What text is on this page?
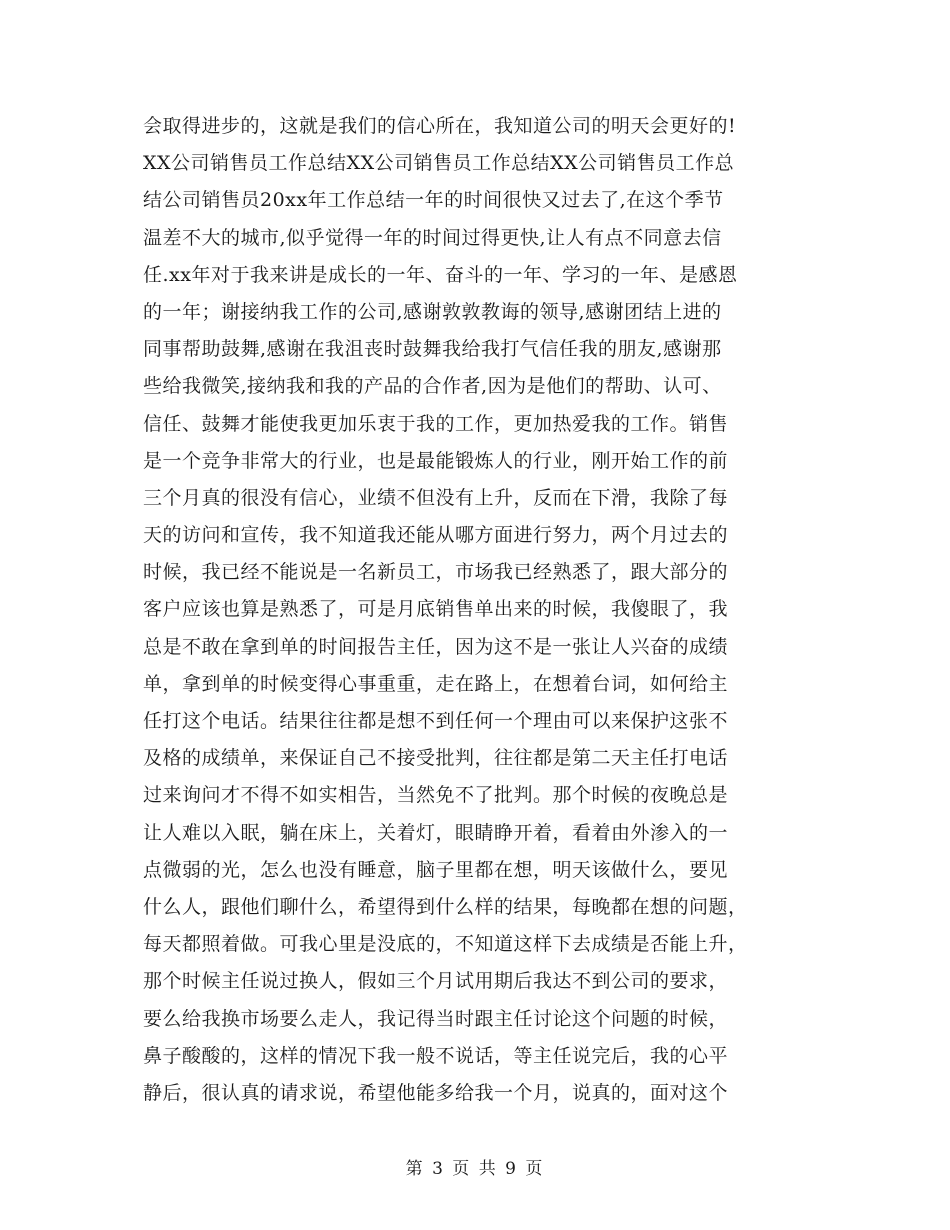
会取得进步的，这就是我们的信心所在，我知道公司的明天会更好的!
XX公司销售员工作总结XX公司销售员工作总结XX公司销售员工作总
结公司销售员20xx年工作总结一年的时间很快又过去了,在这个季节
温差不大的城市,似乎觉得一年的时间过得更快,让人有点不同意去信
任.xx年对于我来讲是成长的一年、奋斗的一年、学习的一年、是感恩
的一年；谢接纳我工作的公司,感谢敦敦教诲的领导,感谢团结上进的
同事帮助鼓舞,感谢在我沮丧时鼓舞我给我打气信任我的朋友,感谢那
些给我微笑,接纳我和我的产品的合作者,因为是他们的帮助、认可、
信任、鼓舞才能使我更加乐衷于我的工作，更加热爱我的工作。销售
是一个竞争非常大的行业，也是最能锻炼人的行业，刚开始工作的前
三个月真的很没有信心，业绩不但没有上升，反而在下滑，我除了每
天的访问和宣传，我不知道我还能从哪方面进行努力，两个月过去的
时候，我已经不能说是一名新员工，市场我已经熟悉了，跟大部分的
客户应该也算是熟悉了，可是月底销售单出来的时候，我傻眼了，我
总是不敢在拿到单的时间报告主任，因为这不是一张让人兴奋的成绩
单，拿到单的时候变得心事重重，走在路上，在想着台词，如何给主
任打这个电话。结果往往都是想不到任何一个理由可以来保护这张不
及格的成绩单，来保证自己不接受批判，往往都是第二天主任打电话
过来询问才不得不如实相告，当然免不了批判。那个时候的夜晚总是
让人难以入眠，躺在床上，关着灯，眼睛睁开着，看着由外渗入的一
点微弱的光，怎么也没有睡意，脑子里都在想，明天该做什么，要见
什么人，跟他们聊什么，希望得到什么样的结果，每晚都在想的问题，
每天都照着做。可我心里是没底的，不知道这样下去成绩是否能上升，
那个时候主任说过换人，假如三个月试用期后我达不到公司的要求，
要么给我换市场要么走人，我记得当时跟主任讨论这个问题的时候，
鼻子酸酸的，这样的情况下我一般不说话，等主任说完后，我的心平
静后，很认真的请求说，希望他能多给我一个月，说真的，面对这个
第 3 页 共 9 页
